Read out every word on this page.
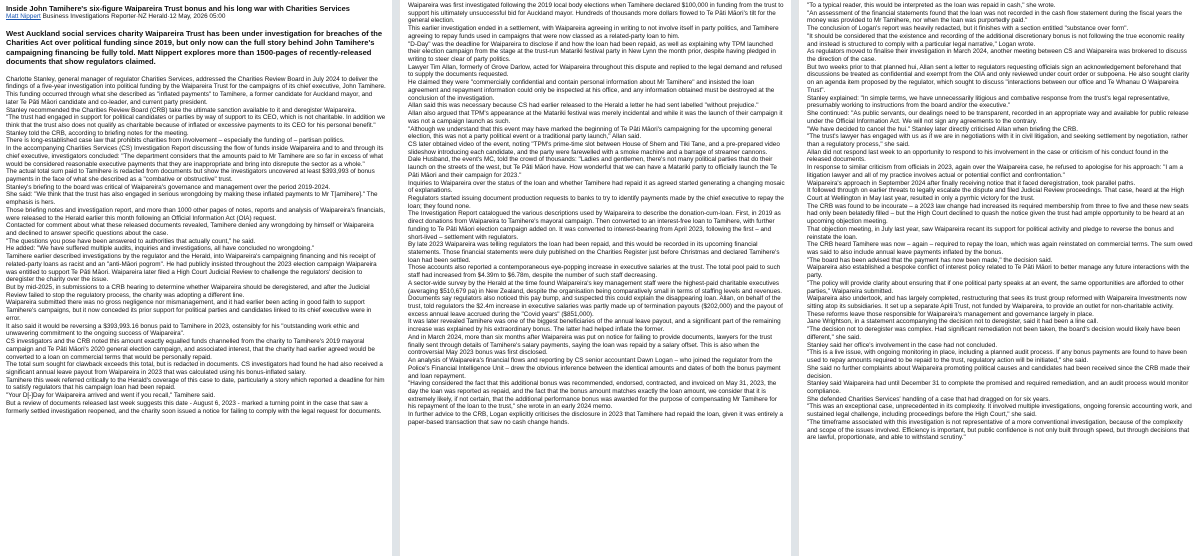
Inside John Tamihere's six-figure Waipareira Trust bonus and his long war with Charities Services
Matt Nippert Business Investigations Reporter·NZ Herald·12 May, 2026 05:00

West Auckland social services charity Waipareira Trust has been under investigation for breaches of the Charities Act over political funding since 2019, but only now can the full story behind John Tamihere's campaigning financing be fully told. Matt Nippert explores more than 1500-pages of recently-released documents that show regulators claimed.

Charlotte Stanley, general manager of regulator Charities Services, addressed the Charities Review Board in July 2024 to deliver the findings of a five-year investigation into political funding by the Waipareira Trust for the campaigns of its chief executive, John Tamihere.

This funding occurred through what she described as "inflated payments" to Tamihere, a former candidate for Auckland mayor, and later Te Pāti Māori candidate and co-leader, and current party president.

Stanley recommended the Charities Review Board (CRB) take the ultimate sanction available to it and deregister Waipareira.

"The trust had engaged in support for political candidates or parties by way of support to its CEO, which is not charitable. In addition we think that the trust also does not qualify as charitable because of inflated or excessive payments to its CEO for his personal benefit." Stanley told the CRB, according to briefing notes for the meeting.

There is long-established case law that prohibits charities from involvement – especially the funding of – partisan politics.

In the accompanying Charities Services (CS) Investigation Report discussing the flow of funds inside Waipareira and to and through its chief executive, investigators concluded: "The department considers that the amounts paid to Mr Tamihere are so far in excess of what would be considered reasonable executive payments that they are inappropriate and bring into disrepute the sector as a whole."

The actual total sum paid to Tamihere is redacted from documents but show the investigators uncovered at least $393,993 of bonus payments in the face of what she described as a "combative or obstructive" trust.

Stanley's briefing to the board was critical of Waipareira's governance and management over the period 2019-2024.

She said: "We think that the trust has also engaged in serious wrongdoing by making these inflated payments to Mr T[amihere]." The emphasis is hers.

Those briefing notes and investigation report, and more than 1000 other pages of notes, reports and analysis of Waipareira's financials, were released to the Herald earlier this month following an Official Information Act (OIA) request.

Contacted for comment about what these released documents revealed, Tamihere denied any wrongdoing by himself or Waipareira and declined to answer specific questions about the case.

"The questions you pose have been answered to authorities that actually count," he said.

He added: "We have suffered multiple audits, inquiries and investigations, all have concluded no wrongdoing."

Tamihere earlier described investigations by the regulator and the Herald, into Waipareira's campaigning financing and his receipt of related-party loans as racist and an "anti-Māori pogrom". He had publicly insisted throughout the 2023 election campaign Waipareira was entitled to support Te Pāti Māori. Waipareira later filed a High Court Judicial Review to challenge the regulators' decision to deregister the charity over the issue.

But by mid-2025, in submissions to a CRB hearing to determine whether Waipareira should be deregistered, and after the Judicial Review failed to stop the regulatory process, the charity was adopting a different line.

Waipareira submitted there was no gross negligence nor mismanagement, and it had earlier been acting in good faith to support Tamihere's campaigns, but it now conceded its prior support for political parties and candidates linked to its chief executive were in error.

It also said it would be reversing a $393,993.16 bonus paid to Tamihere in 2023, ostensibly for his "outstanding work ethic and unwavering commitment to the ongoing success of Waipareira".

CS investigators and the CRB noted this amount exactly equalled funds channelled from the charity to Tamihere's 2019 mayoral campaign and Te Pāti Māori's 2020 general election campaign, and associated interest, that the charity had earlier agreed would be converted to a loan on commercial terms that would be personally repaid.

The total sum sought for clawback exceeds this total, but is redacted in documents. CS investigators had found he had also received a significant annual leave payout from Waipareira in 2023 that was calculated using his bonus-inflated salary.

Tamihere this week referred critically to the Herald's coverage of this case to date, particularly a story which reported a deadline for him to satisfy regulators that his campaign loan had been repaid.

"Your D[-]Day for Waipareira arrived and went if you recall," Tamihere said.

But a review of documents released last week suggests this date - August 6, 2023 - marked a turning point in the case that saw a formerly settled investigation reopened, and the charity soon issued a notice for failing to comply with the legal request for documents.

Waipareira was first investigated following the 2019 local body elections when Tamihere declared $100,000 in funding from the trust to support his ultimately unsuccessful bid for Auckland mayor. Hundreds of thousands more dollars flowed to Te Pāti Māori's tilt for the general election.

This earlier investigation ended in a settlement, with Waipareira agreeing in writing to not involve itself in party politics, and Tamihere agreeing to repay funds used in campaigns that were now classed as a related-party loan to him.

"D-Day" was the deadline for Waipareira to disclose if and how the loan had been repaid, as well as explaining why TPM launched their election campaign from the stage at the trust-run Matariki festival party in New Lynn the month prior, despite having pledged in writing to steer clear of party politics.

Lawyer Tim Allan, formerly of Grove Darlow, acted for Waipareira throughout this dispute and replied to the legal demand and refused to supply the documents requested.

He claimed they were "commercially confidential and contain personal information about Mr Tamihere" and insisted the loan agreement and repayment information could only be inspected at his office, and any information obtained must be destroyed at the conclusion of the investigation.

Allan said this was necessary because CS had earlier released to the Herald a letter he had sent labelled "without prejudice."

Allan also argued that TPM's appearance at the Matariki festival was merely incidental and while it was the launch of their campaign it was not a campaign launch as such.

"Although we understand that this event may have marked the beginning of Te Pāti Māori's campaigning for the upcoming general election, this was not a party political event or a traditional party launch," Allan said.

CS later obtained video of the event, noting "TPM's prime-time slot between House of Shem and Tiki Tane, and a pre-prepared video slideshow introducing each candidate, and the party were farewelled with a smoke machine and a barrage of streamer cannons.

Dale Husband, the event's MC, told the crowd of thousands: "Ladies and gentlemen, there's not many political parties that do their launch on the streets of the west, but Te Pāti Māori have. How wonderful that we can have a Matariki party to officially launch the Te Pāti Māori and their campaign for 2023."

Inquiries to Waipareira over the status of the loan and whether Tamihere had repaid it as agreed started generating a changing mosaic of explanations.

Regulators started issuing document production requests to banks to try to identify payments made by the chief executive to repay the loan; they found none.

The Investigation Report catalogued the various descriptions used by Waipareira to describe the donation-cum-loan. First, in 2019 as direct donations from Waipareira to Tamihere's mayoral campaign. Then converted to an interest-free loan to Tamihere, with further funding to Te Pāti Māori election campaign added on. It was converted to interest-bearing from April 2023, following the first – and short-lived – settlement with regulators.

By late 2023 Waipareira was telling regulators the loan had been repaid, and this would be recorded in its upcoming financial statements. Those financial statements were duly published on the Charities Register just before Christmas and declared Tamihere's loan had been settled.

Those accounts also reported a contemporaneous eye-popping increase in executive salaries at the trust. The total pool paid to such staff had increased from $4.39m to $6.78m, despite the number of such staff decreasing.

A sector-wide survey by the Herald at the time found Waipareira's key management staff were the highest-paid charitable executives (averaging $510,679 pa) in New Zealand, despite the organisation being comparatively small in terms of staffing levels and revenues.

Documents say regulators also noticed this pay bump, and suspected this could explain the disappearing loan. Allan, on behalf of the trust, told regulators the $2.4m increase in executive salaries was partly made up of termination payouts ($202,000) and the payout of excess annual leave accrued during the "Covid years" ($851,000).

It was later revealed Tamihere was one of the biggest beneficiaries of the annual leave payout, and a significant part of the remaining increase was explained by his extraordinary bonus. The latter had helped inflate the former.

And in March 2024, more than six months after Waipareira was put on notice for failing to provide documents, lawyers for the trust finally sent through details of Tamihere's salary payments, saying the loan was repaid by a salary offset. This is also when the controversial May 2023 bonus was first disclosed.

An analysis of Waipareira's financial flows and reporting by CS senior accountant Dawn Logan – who joined the regulator from the Police's Financial Intelligence Unit – drew the obvious inference between the identical amounts and dates of both the bonus payment and loan repayment.

"Having considered the fact that this additional bonus was recommended, endorsed, contracted, and invoiced on May 31, 2023, the day the loan was reported as repaid, and the fact that the bonus amount matches exactly the loan amount, we consider that it is extremely likely, if not certain, that the additional performance bonus was awarded for the purpose of compensating Mr Tamihere for his repayment of the loan to the trust," she wrote in an early 2024 memo.

In further advice to the CRB, Logan explicitly criticises the disclosure in 2023 that Tamihere had repaid the loan, given it was entirely a paper-based transaction that saw no cash change hands.

"To a typical reader, this would be interpreted as the loan was repaid in cash," she wrote.

"An assessment of the financial statements found that the loan was not recorded in the cash flow statement during the fiscal years the money was provided to Mr Tamihere, nor when the loan was purportedly paid."

The conclusion of Logan's report was heavily redacted, but it finishes with a section entitled "substance over form".

"It should be considered that the existence and recording of the additional discretionary bonus is not following the true economic reality and instead is structured to comply with a particular legal narrative," Logan wrote.

As regulators moved to finalise their investigation in March 2024, another meeting between CS and Waipareira was brokered to discuss the direction of the case.

But two weeks prior to that planned hui, Allan sent a letter to regulators requesting officials sign an acknowledgement beforehand that discussions be treated as confidential and exempt from the OIA and only reviewed under court order or subpoena. He also sought clarity on an agenda item proposed by the regulator, which sought to discuss "interactions between our office and Te Whanau O Waipareira Trust".

Stanley explained: "In simple terms, we have unnecessarily litigious and combative response from the trust's legal representative, presumably working to instructions from the board and/or the executive."

She continued: "As public servants, our dealings need to be transparent, recorded in an appropriate way and available for public release under the Official Information Act. We will not sign any agreements to the contrary.

"We have decided to cancel the hui." Stanley later directly criticised Allan when briefing the CRB.

"The trust's lawyer has engaged with us as if we are in negotiations with it in civil litigation, and seeking settlement by negotiation, rather than a regulatory process," she said.

Allan did not respond last week to an opportunity to respond to his involvement in the case or criticism of his conduct found in the released documents.

In response to similar criticism from officials in 2023, again over the Waipareira case, he refused to apologise for his approach: "I am a litigation lawyer and all of my practice involves actual or potential conflict and confrontation."

Waipareira's approach in September 2024 after finally receiving notice that it faced deregistration, took parallel paths.

It followed through on earlier threats to legally escalate the dispute and filed Judicial Review proceedings. That case, heard at the High Court at Wellington in May last year, resulted in only a pyrrhic victory for the trust.

The CRB was found to be incourate – a 2023 law change had increased its required membership from three to five and these new seats had only been belatedly filled – but the High Court declined to quash the notice given the trust had ample opportunity to be heard at an upcoming objection meeting.

That objection meeting, in July last year, saw Waipareira recant its support for political activity and pledge to reverse the bonus and reinstate the loan.

The CRB heard Tamihere was now – again – required to repay the loan, which was again reinstated on commercial terms. The sum owed was said to also include annual leave payments inflated by the bonus.

"The board has been advised that the payment has now been made," the decision said.

Waipareira also established a bespoke conflict of interest policy related to Te Pāti Māori to better manage any future interactions with the party.

"The policy will provide clarity about ensuring that if one political party speaks at an event, the same opportunities are afforded to other parties," Waipareira submitted.

Waipareira also undertook, and has largely completed, restructuring that sees its trust group reformed with Waipareira Investments now sitting atop its subsidiaries. It set up a separate Apiti Trust, not funded by Waipareira, to provide an outlet for non-charitable activity.

These reforms leave those responsible for Waipareira's management and governance largely in place.

Jane Wrightson, in a statement accompanying the decision not to deregister, said it had been a line call.

"The decision not to deregister was complex. Had significant remediation not been taken, the board's decision would likely have been different," she said.

Stanley said her office's involvement in the case had not concluded.

"This is a live issue, with ongoing monitoring in place, including a planned audit process. If any bonus payments are found to have been used to repay amounts required to be repaid to the trust, regulatory action will be initiated," she said.

She said no further complaints about Waipareira promoting political causes and candidates had been received since the CRB made their decision.

Stanley said Waipareira had until December 31 to complete the promised and required remediation, and an audit process would monitor compliance.

She defended Charities Services' handling of a case that had dragged on for six years.

"This was an exceptional case, unprecedented in its complexity. It involved multiple investigations, ongoing forensic accounting work, and sustained legal challenge, including proceedings before the High Court," she said.

"The timeframe associated with this investigation is not representative of a more conventional investigation, because of the complexity and scope of the issues involved. Efficiency is important, but public confidence is not only built through speed, but through decisions that are lawful, proportionate, and able to withstand scrutiny."
